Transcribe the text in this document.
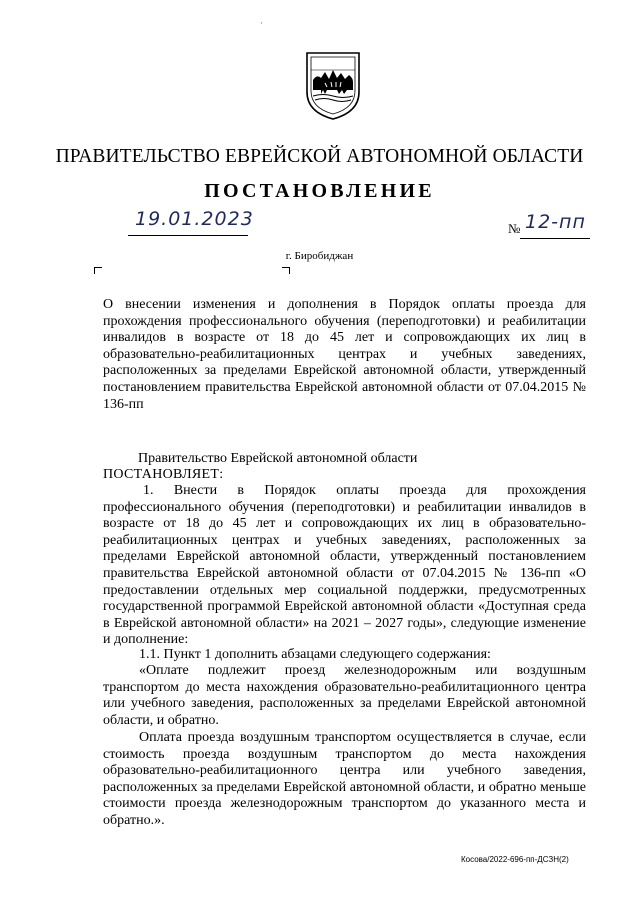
·
ПРАВИТЕЛЬСТВО ЕВРЕЙСКОЙ АВТОНОМНОЙ ОБЛАСТИ
ПОСТАНОВЛЕНИЕ
19.01.2023	№ 12-пп
г. Биробиджан
О внесении изменения и дополнения в Порядок оплаты проезда для прохождения профессионального обучения (переподготовки) и реабилитации инвалидов в возрасте от 18 до 45 лет и сопровождающих их лиц в образовательно-реабилитационных центрах и учебных заведениях, расположенных за пределами Еврейской автономной области, утвержденный постановлением правительства Еврейской автономной области от 07.04.2015 № 136-пп
Правительство Еврейской автономной области
ПОСТАНОВЛЯЕТ:
1. Внести в Порядок оплаты проезда для прохождения профессионального обучения (переподготовки) и реабилитации инвалидов в возрасте от 18 до 45 лет и сопровождающих их лиц в образовательно-реабилитационных центрах и учебных заведениях, расположенных за пределами Еврейской автономной области, утвержденный постановлением правительства Еврейской автономной области от 07.04.2015 № 136-пп «О предоставлении отдельных мер социальной поддержки, предусмотренных государственной программой Еврейской автономной области «Доступная среда в Еврейской автономной области» на 2021 – 2027 годы», следующие изменение и дополнение:
1.1. Пункт 1 дополнить абзацами следующего содержания:
«Оплате подлежит проезд железнодорожным или воздушным транспортом до места нахождения образовательно-реабилитационного центра или учебного заведения, расположенных за пределами Еврейской автономной области, и обратно.
Оплата проезда воздушным транспортом осуществляется в случае, если стоимость проезда воздушным транспортом до места нахождения образовательно-реабилитационного центра или учебного заведения, расположенных за пределами Еврейской автономной области, и обратно меньше стоимости проезда железнодорожным транспортом до указанного места и обратно.».
Косова/2022-696-пп-ДСЗН(2)
